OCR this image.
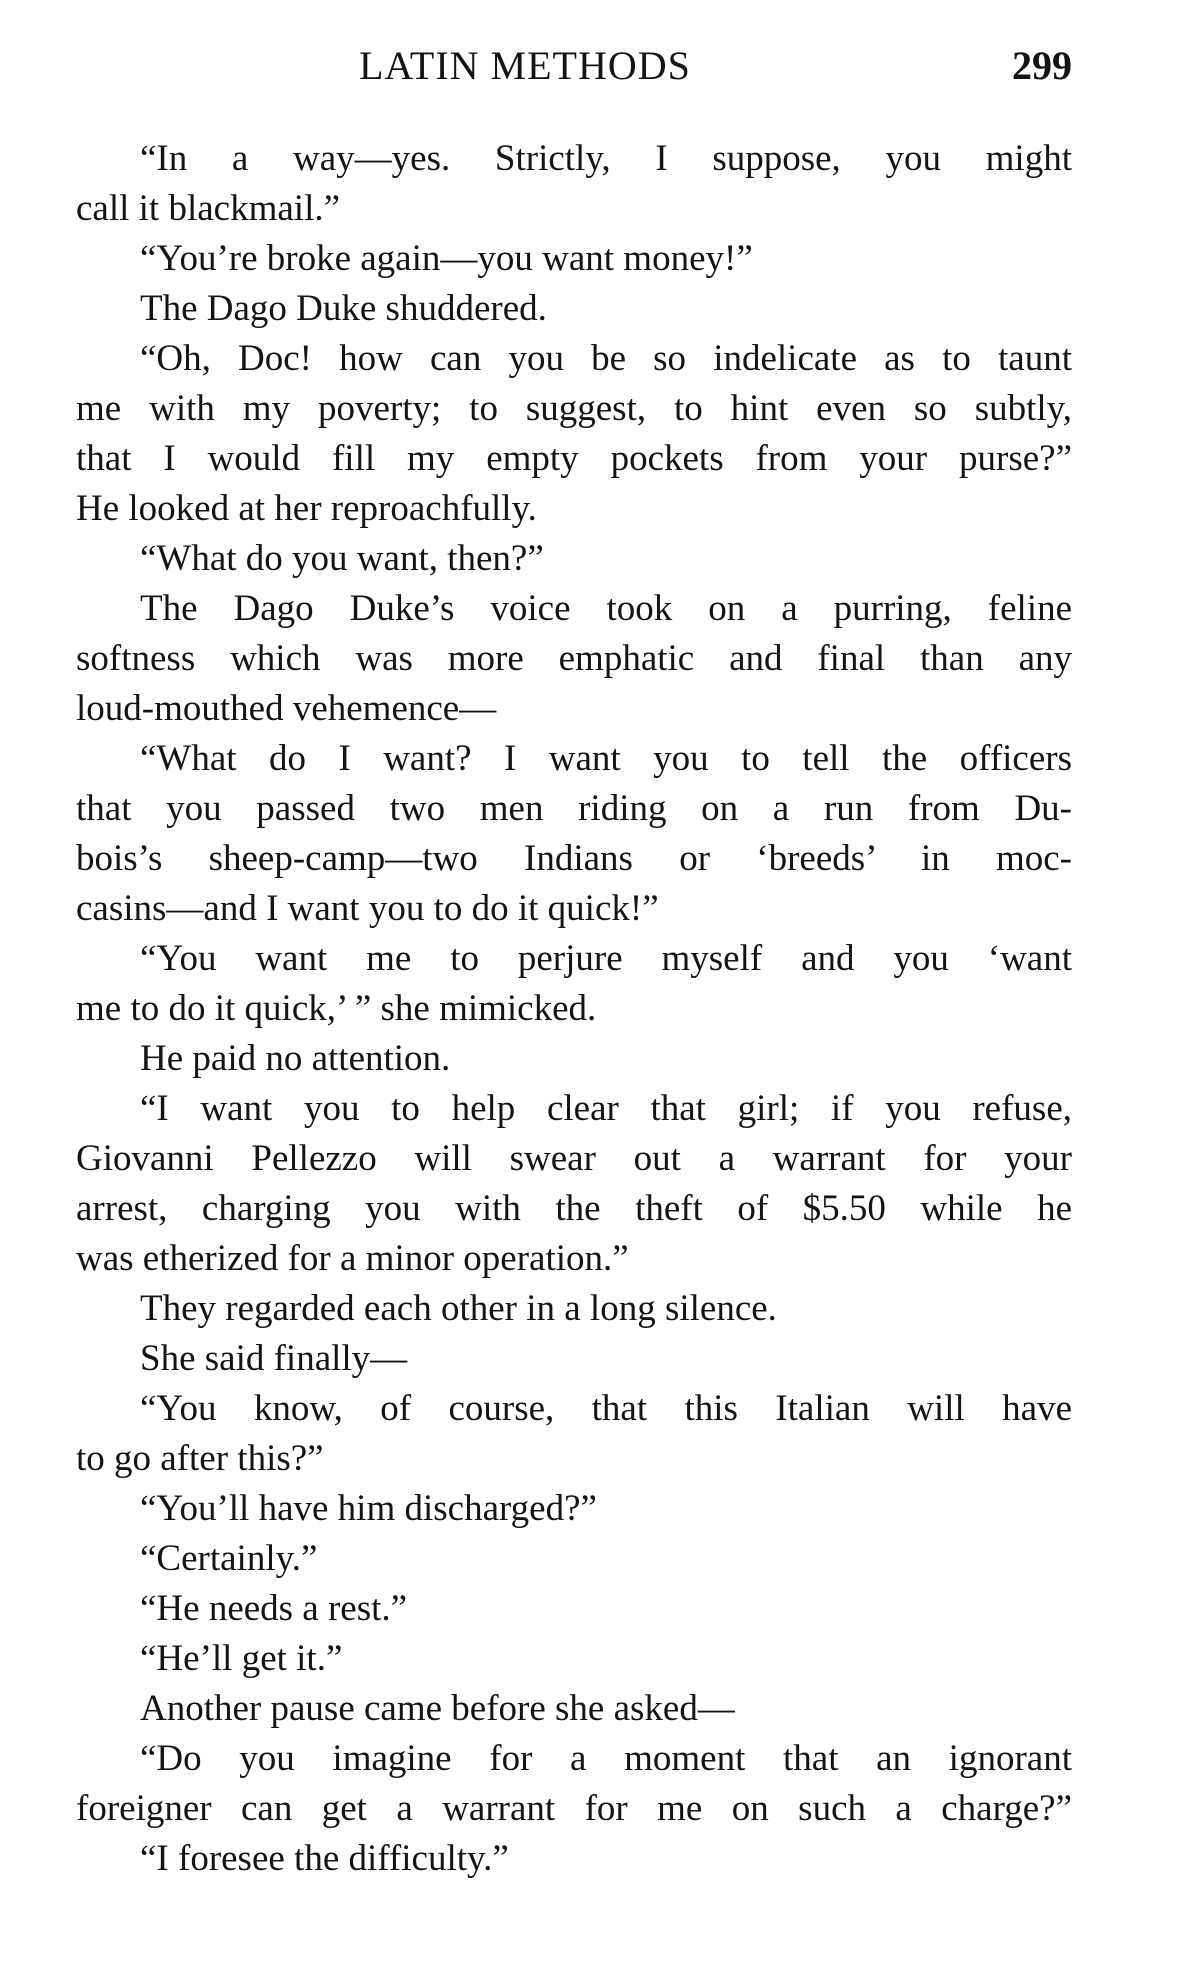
LATIN METHODS	299
“In a way—yes. Strictly, I suppose, you might
call it blackmail.”
“You’re broke again—you want money!”
The Dago Duke shuddered.
“Oh, Doc! how can you be so indelicate as to taunt
me with my poverty; to suggest, to hint even so subtly,
that I would fill my empty pockets from your purse?”
He looked at her reproachfully.
“What do you want, then?”
The Dago Duke’s voice took on a purring, feline
softness which was more emphatic and final than any
loud-mouthed vehemence—
“What do I want? I want you to tell the officers
that you passed two men riding on a run from Du-
bois’s sheep-camp—two Indians or ‘breeds’ in moc-
casins—and I want you to do it quick!”
“You want me to perjure myself and you ‘want
me to do it quick,’ ” she mimicked.
He paid no attention.
“I want you to help clear that girl; if you refuse,
Giovanni Pellezzo will swear out a warrant for your
arrest, charging you with the theft of $5.50 while he
was etherized for a minor operation.”
They regarded each other in a long silence.
She said finally—
“You know, of course, that this Italian will have
to go after this?”
“You’ll have him discharged?”
“Certainly.”
“He needs a rest.”
“He’ll get it.”
Another pause came before she asked—
“Do you imagine for a moment that an ignorant
foreigner can get a warrant for me on such a charge?”
“I foresee the difficulty.”
